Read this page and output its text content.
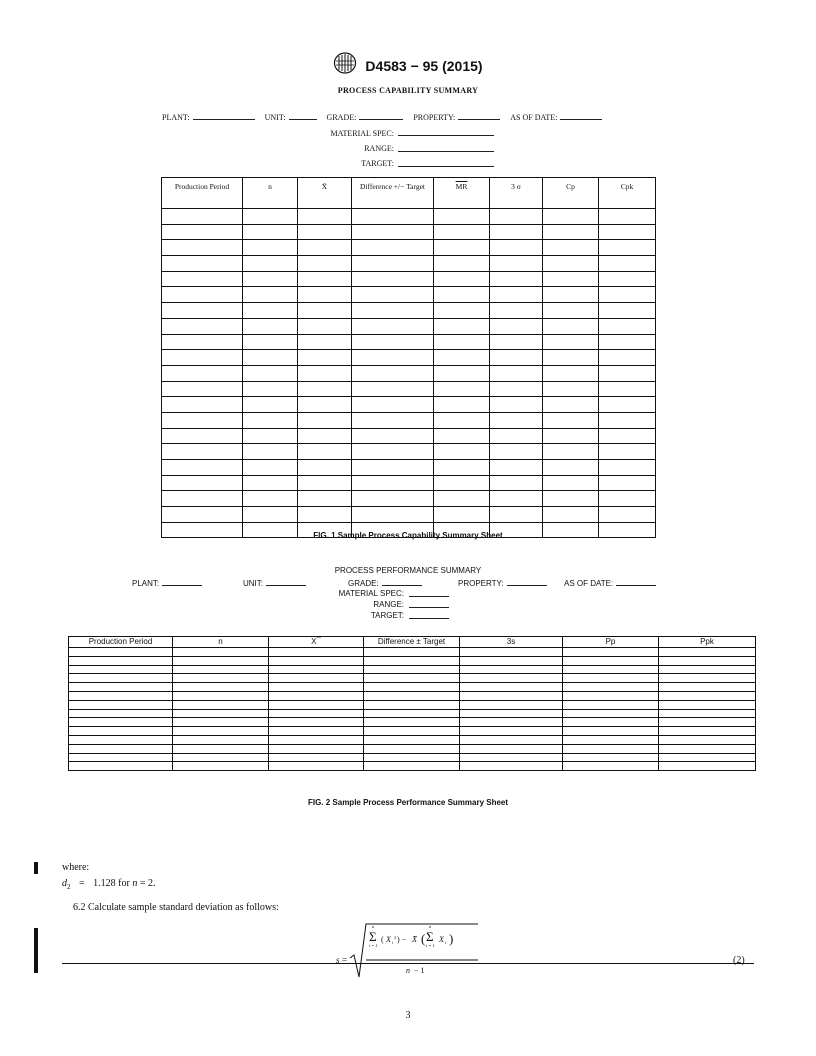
D4583 − 95 (2015)
PROCESS CAPABILITY SUMMARY
PLANT:	UNIT:	GRADE:	PROPERTY:	AS OF DATE:
MATERIAL SPEC:
RANGE:
TARGET:
Production Period	n	X̄	Difference +/− Target	$\overline{MR}$	3 σ	Cp	Cpk

FIG. 1 Sample Process Capability Summary Sheet
PROCESS PERFORMANCE SUMMARY
PLANT:	UNIT:	GRADE:	PROPERTY:	AS OF DATE:
MATERIAL SPEC:
RANGE:
TARGET:
Production Period	n	X¯	Difference ± Target	3s	Pp	Ppk

FIG. 2 Sample Process Performance Summary Sheet
where:
$d_2 = 1.128$ for n = 2.
6.2 Calculate sample standard deviation as follows:
s =
n
Σ
i = 1
( X i
2 ) − X̄ (
n
Σ
i = 1
X i )
n − 1
(2)
3
